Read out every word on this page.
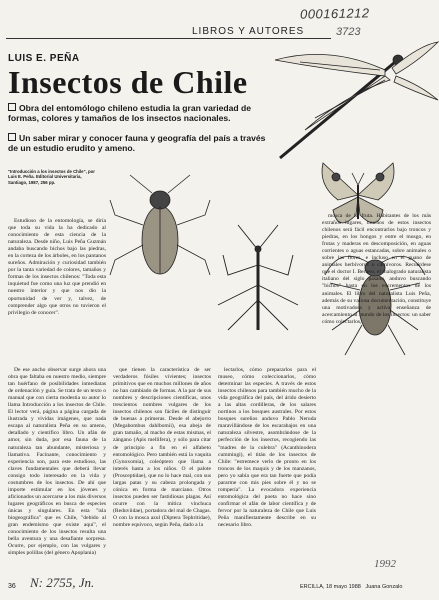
000161212
3723
LIBROS Y AUTORES
LUIS E. PEÑA
Insectos de Chile
Obra del entomólogo chileno estudia la gran variedad de formas, colores y tamaños de los insectos nacionales.
Un saber mirar y conocer fauna y geografía del país a través de un estudio erudito y ameno.
"Introducción a los insectos de Chile", por Luis E. Peña. Editorial Universitaria, Santiago, 1987, 256 pp.
Estudioso de la entomología, se diría que toda su vida la ha dedicado al conocimiento de esta ciencia de la naturaleza. Desde niño, Luis Peña Guzmán andaba buscando bichos bajo las piedras, en la corteza de los árboles, en los pantanos sureños. Admiración y curiosidad también por la tanta variedad de colores, tamaños y formas de los insectos chilenos: "Toda esta inquietud fue como una luz que prendió en nuestro interior y que nos dio la oportunidad de ver y, talvez, de comprender algo que otros no tuvieron el privilegio de conocer".
De ese ancho observar surge ahora una obra que faltaba en nuestro medio, siempre tan huérfano de posibilidades inmediatas de ordenación y guía. Se trata de un texto o manual que con cierta modestia su autor lo llama Introducción a los insectos de Chile. El lector verá, página a página cargada de ilustrada y vividas imágenes, que nada escapa al naturalista Peña en su ameno, detallado y científico libro. Un afán de amor, sin duda, por esa fauna de la naturaleza tan abundante, misteriosa y llamativa. Facinante, conocimiento y experiencia son, para este estudioso, las claves fundamentales que deberá llevar consigo todo interesado en la vida y costumbres de los insectos. De ahí que importe estimular en los jóvenes y aficionados un acercarse a los más diversos lugares geográficos en busca de especies únicas y singulares. En esta "isla biogeográfica" que es Chile, "debido al gran endemismo que existe aquí", el conocimiento de los insectos resulta una bella aventura y una desafiante sorpresa. Ocurre, por ejemplo, con las vulgares y simples polillas (del género Apoplania)
que tienen la característica de ser verdaderos fósiles vivientes; insectos primitivos que en muchos millones de años no han cambiado de formas. A la par de sus nombres y descripciones científicas, unos trescientos nombres vulgares de los insectos chilenos son fáciles de distinguir de buenas a primeras. Desde el abejorro (Megabombus dahlbomii), esa abeja de gran tamaño, al macho de estas mismas, el zángano (Apis mellifera), y sólo para citar de principio a fin en el alfabeto entomológico. Pero también está la vaquita (Gynoxomia), coleóptero que llama a interés hasta a los niños. O el palote (Prosceptidae), que no lo hace mal, con sus largas patas y su cabeza prolongada y cónica en forma de marciano. Otros insectos pueden ser fastidiosas plagas. Así ocurre con la mítica vinchuca (Reduviidae), portadora del mal de Chagas. O con la mosca azul (Diptera Tephritidae), nombre equívoco, según Peña, dado a la
lectarlos, cómo prepararlos para el museo, cómo coleccionarlos, cómo determinar las especies. A través de estos insectos chilenos para también mucho de la vida geográfica del país, del árido desierto a las altas cordilleras, de los salares nortinos a los bosques australes. Por estos bosques sureños anduvo Pablo Neruda maravillándose de los escarabajos en una naturaleza silvestre, asombrándose de la perfección de los insectos, recogiendo las "madres de la culebra" (Acanthinodera cummingi), el titán de los insectos de Chile: "estremece verlo de pronto en los troncos de los maquis y de los manzanos, pero yo sabía que era tan fuerte que podía pararme con mis pies sobre él y no se rompería". La evocadora experiencia entomológica del poeta no hace sino confirmar el afán de labor científica y de fervor por la naturaleza de Chile que Luis Peña manifiestamente describe en su necesario libro.
mosca de la fruta. Habitantes de los más extraños lugares, muchos de estos insectos chilenos será fácil encontrarlos bajo troncos y piedras, en los hongos y entre el musgo, en frutas y maderas en descomposición, en aguas corrientes o aguas estancadas, sobre animales o sobre las flores, e incluso en el guano de animales herbívoros o carnívoros. Recuérdese que el doctor I. Bertero, el malogrado naturalista italiano del siglo pasado, anduvo buscando "bichos" hasta en los excrementos de los animales. El libro del naturalista Luis Peña, además de su valiosa documentación, constituye una motivadora y activa enseñanza de acercamiento al mundo de los insectos: un saber cómo colectarlos,
36 N: 2755, Jn.
1992
ERCILLA, 18 mayo 1988 Juana Gonzalo
